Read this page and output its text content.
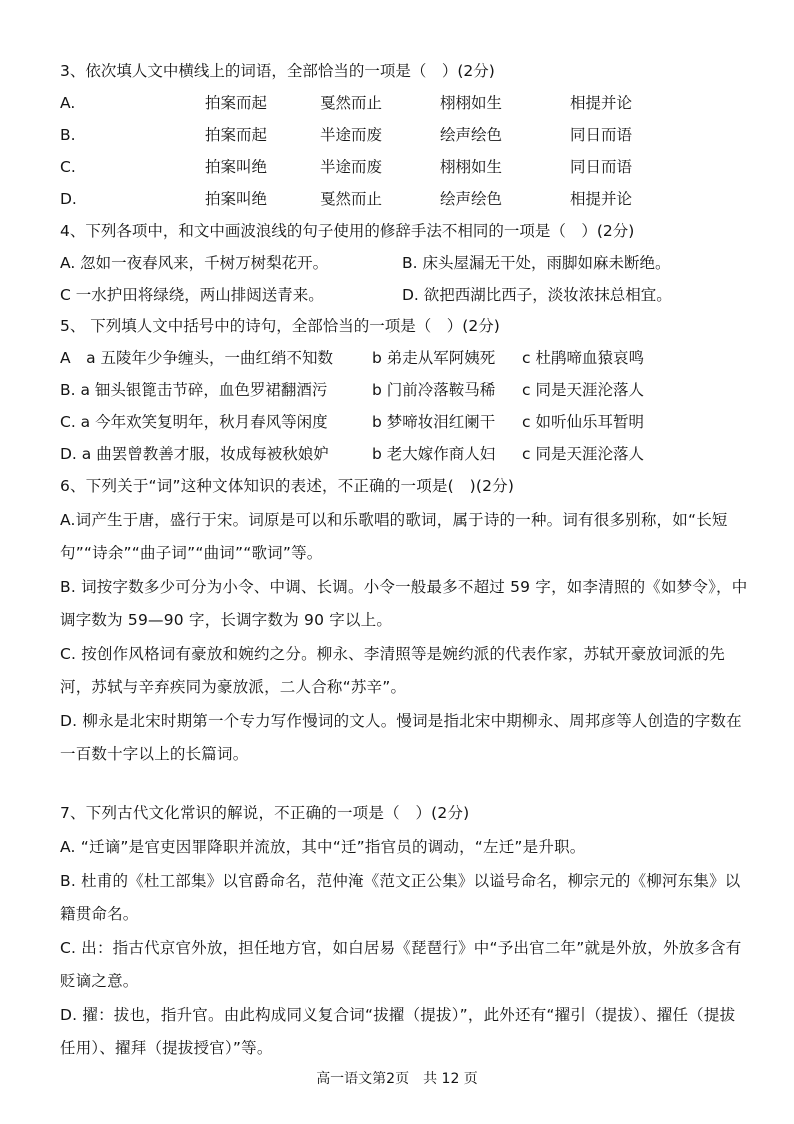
3、依次填人文中横线上的词语，全部恰当的一项是（　）(2分)
A.	拍案而起	戛然而止	栩栩如生	相提并论
B.	拍案而起	半途而废	绘声绘色	同日而语
C.	拍案叫绝	半途而废	栩栩如生	同日而语
D.	拍案叫绝	戛然而止	绘声绘色	相提并论
4、下列各项中，和文中画波浪线的句子使用的修辞手法不相同的一项是（　）(2分)
A. 忽如一夜春风来，千树万树梨花开。	B. 床头屋漏无干处，雨脚如麻未断绝。
C 一水护田将绿绕，两山排闼送青来。	D. 欲把西湖比西子，淡妆浓抹总相宜。
5、 下列填人文中括号中的诗句，全部恰当的一项是（　）(2分)
A　a 五陵年少争缠头，一曲红绡不知数	b 弟走从军阿姨死	c 杜鹃啼血猿哀鸣
B. a 钿头银篦击节碎，血色罗裙翻酒污	b 门前冷落鞍马稀	c 同是天涯沦落人
C. a 今年欢笑复明年，秋月春风等闲度	b 梦啼妆泪红阑干	c 如听仙乐耳暂明
D. a 曲罢曾教善才服，妆成每被秋娘妒	b 老大嫁作商人妇	c 同是天涯沦落人

6、下列关于“词”这种文体知识的表述，不正确的一项是(　)(2分)

A.词产生于唐，盛行于宋。词原是可以和乐歌唱的歌词，属于诗的一种。词有很多别称，如“长短句”“诗余”“曲子词”“曲词”“歌词”等。

B. 词按字数多少可分为小令、中调、长调。小令一般最多不超过 59 字，如李清照的《如梦令》，中调字数为 59—90 字，长调字数为 90 字以上。

C. 按创作风格词有豪放和婉约之分。柳永、李清照等是婉约派的代表作家，苏轼开豪放词派的先河，苏轼与辛弃疾同为豪放派，二人合称“苏辛”。

D. 柳永是北宋时期第一个专力写作慢词的文人。慢词是指北宋中期柳永、周邦彦等人创造的字数在一百数十字以上的长篇词。

7、下列古代文化常识的解说，不正确的一项是（　）(2分)

A. “迁谪”是官吏因罪降职并流放，其中“迁”指官员的调动，“左迁”是升职。

B. 杜甫的《杜工部集》以官爵命名，范仲淹《范文正公集》以谥号命名，柳宗元的《柳河东集》以籍贯命名。

C. 出：指古代京官外放，担任地方官，如白居易《琵琶行》中“予出官二年”就是外放，外放多含有贬谪之意。

D. 擢：拔也，指升官。由此构成同义复合词“拔擢（提拔）”，此外还有“擢引（提拔）、擢任（提拔任用）、擢拜（提拔授官）”等。

高一语文第2页　共 12 页
